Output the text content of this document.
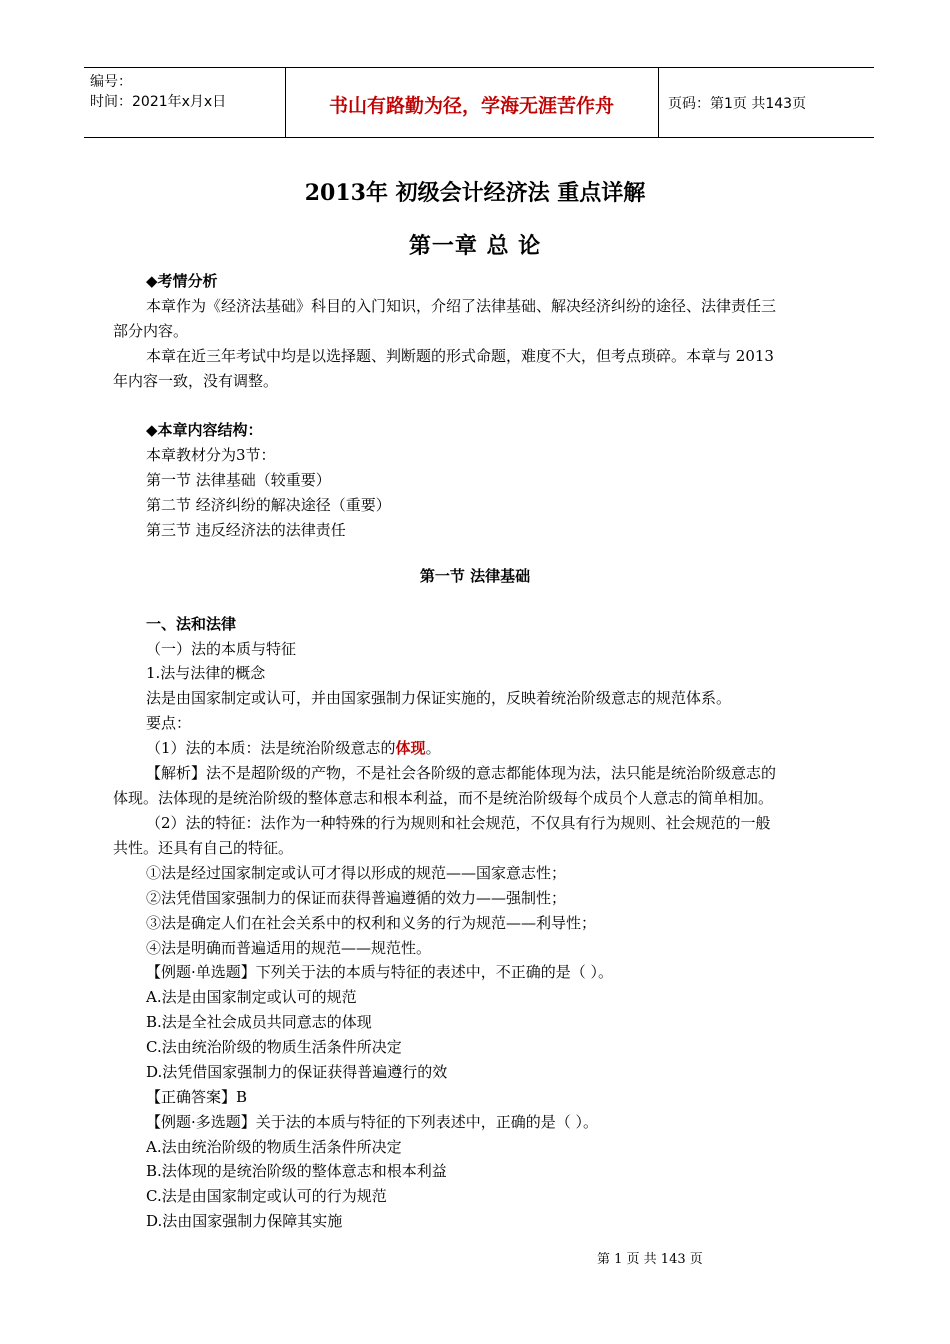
编号：
时间：2021年x月x日	书山有路勤为径，学海无涯苦作舟	页码：第1页 共143页
2013年 初级会计经济法 重点详解
第一章 总 论
◆考情分析
本章作为《经济法基础》科目的入门知识，介绍了法律基础、解决经济纠纷的途径、法律责任三
部分内容。
本章在近三年考试中均是以选择题、判断题的形式命题，难度不大，但考点琐碎。本章与 2013
年内容一致，没有调整。
◆本章内容结构：
本章教材分为3节：
第一节 法律基础（较重要）
第二节 经济纠纷的解决途径（重要）
第三节 违反经济法的法律责任
第一节 法律基础
一、法和法律
（一）法的本质与特征
1.法与法律的概念
法是由国家制定或认可，并由国家强制力保证实施的，反映着统治阶级意志的规范体系。
要点：
（1）法的本质：法是统治阶级意志的体现。
【解析】法不是超阶级的产物，不是社会各阶级的意志都能体现为法，法只能是统治阶级意志的
体现。法体现的是统治阶级的整体意志和根本利益，而不是统治阶级每个成员个人意志的简单相加。
（2）法的特征：法作为一种特殊的行为规则和社会规范，不仅具有行为规则、社会规范的一般
共性。还具有自己的特征。
①法是经过国家制定或认可才得以形成的规范——国家意志性；
②法凭借国家强制力的保证而获得普遍遵循的效力——强制性；
③法是确定人们在社会关系中的权利和义务的行为规范——利导性；
④法是明确而普遍适用的规范——规范性。
【例题·单选题】下列关于法的本质与特征的表述中，不正确的是（ ）。
A.法是由国家制定或认可的规范
B.法是全社会成员共同意志的体现
C.法由统治阶级的物质生活条件所决定
D.法凭借国家强制力的保证获得普遍遵行的效
【正确答案】B
【例题·多选题】关于法的本质与特征的下列表述中，正确的是（ ）。
A.法由统治阶级的物质生活条件所决定
B.法体现的是统治阶级的整体意志和根本利益
C.法是由国家制定或认可的行为规范
D.法由国家强制力保障其实施
第 1 页 共 143 页
